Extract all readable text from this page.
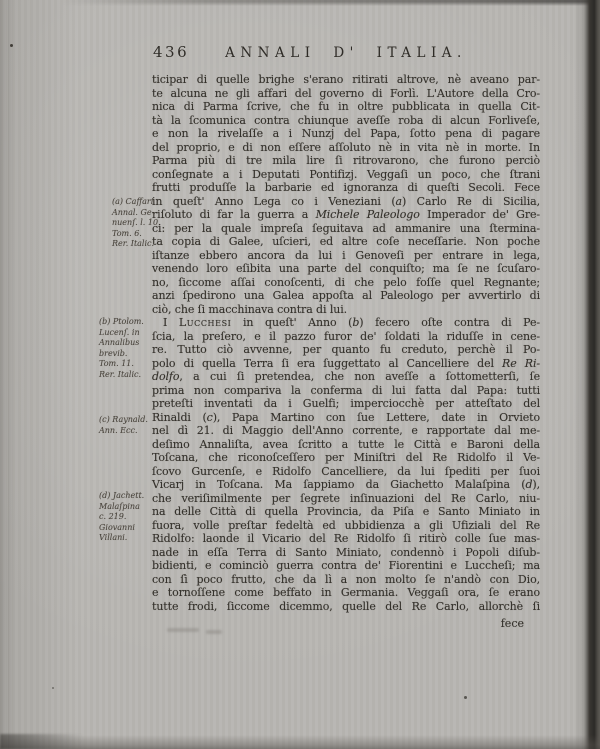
436	ANNALI D' ITALIA.
(a) Caffari
Annal. Ge-
nuenſ. l. 10.
Tom. 6.
Rer. Italic.
(b) Ptolom.
Lucenſ. in
Annalibus
brevib.
Tom. 11.
Rer. Italic.
(c) Raynald.
Ann. Ecc.
(d) Jachett.
Malaſpina
c. 219.
Giovanni
Villani.
ticipar di quelle brighe s'erano ritirati altrove, nè aveano par-
te alcuna ne gli affari del governo di Forlì. L'Autore della Cro-
nica di Parma ſcrive, che fu in oltre pubblicata in quella Cit-
tà la ſcomunica contra chiunque aveſſe roba di alcun Forliveſe,
e non la rivelaſſe a i Nunzj del Papa, ſotto pena di pagare
del proprio, e di non eſſere aſſoluto nè in vita nè in morte. In
Parma più di tre mila lire ſi ritrovarono, che furono perciò
conſegnate a i Deputati Pontifizj. Veggaſi un poco, che ſtrani
frutti produſſe la barbarie ed ignoranza di queſti Secoli. Fece
in queſt' Anno Lega co i Veneziani (a) Carlo Re di Sicilia,
riſoluto di far la guerra a Michele Paleologo Imperador de' Gre-
ci: per la quale impreſa ſeguitava ad ammanire una ſtermina-
ta copia di Galee, uſcieri, ed altre coſe neceſſarie. Non poche
iſtanze ebbero ancora da lui i Genoveſi per entrare in lega,
venendo loro eſibita una parte del conquiſto; ma ſe ne ſcuſaro-
no, ſiccome aſſai conoſcenti, di che pelo foſſe quel Regnante;
anzi ſpedirono una Galea appoſta al Paleologo per avvertirlo di
ciò, che ſi macchinava contra di lui.
I Lucchesi in queſt' Anno (b) fecero oſte contra di Pe-
ſcia, la preſero, e il pazzo furor de' ſoldati la riduſſe in cene-
re. Tutto ciò avvenne, per quanto fu creduto, perchè il Po-
polo di quella Terra ſi era ſuggettato al Cancelliere del Re Ri-
dolfo, a cui ſi pretendea, che non aveſſe a ſottometterſi, ſe
prima non compariva la conferma di lui fatta dal Papa: tutti
preteſti inventati da i Guelfi; imperciocchè per atteſtato del
Rinaldi (c), Papa Martino con ſue Lettere, date in Orvieto
nel dì 21. di Maggio dell'Anno corrente, e rapportate dal me-
deſimo Annaliſta, avea ſcritto a tutte le Città e Baroni della
Toſcana, che riconoſceſſero per Miniſtri del Re Ridolfo il Ve-
ſcovo Gurcenſe, e Ridolfo Cancelliere, da lui ſpediti per ſuoi
Vicarj in Toſcana. Ma ſappiamo da Giachetto Malaſpina (d),
che veriſimilmente per ſegrete inſinuazioni del Re Carlo, niu-
na delle Città di quella Provincia, da Piſa e Santo Miniato in
fuora, volle preſtar fedeltà ed ubbidienza a gli Ufiziali del Re
Ridolfo: laonde il Vicario del Re Ridolfo ſi ritirò colle ſue mas-
nade in eſſa Terra di Santo Miniato, condennò i Popoli diſub-
bidienti, e cominciò guerra contra de' Fiorentini e Luccheſi; ma
con ſì poco frutto, che da lì a non molto ſe n'andò con Dio,
e tornoſſene come beffato in Germania. Veggaſi ora, ſe erano
tutte frodi, ſiccome dicemmo, quelle del Re Carlo, allorchè ſi
fece
